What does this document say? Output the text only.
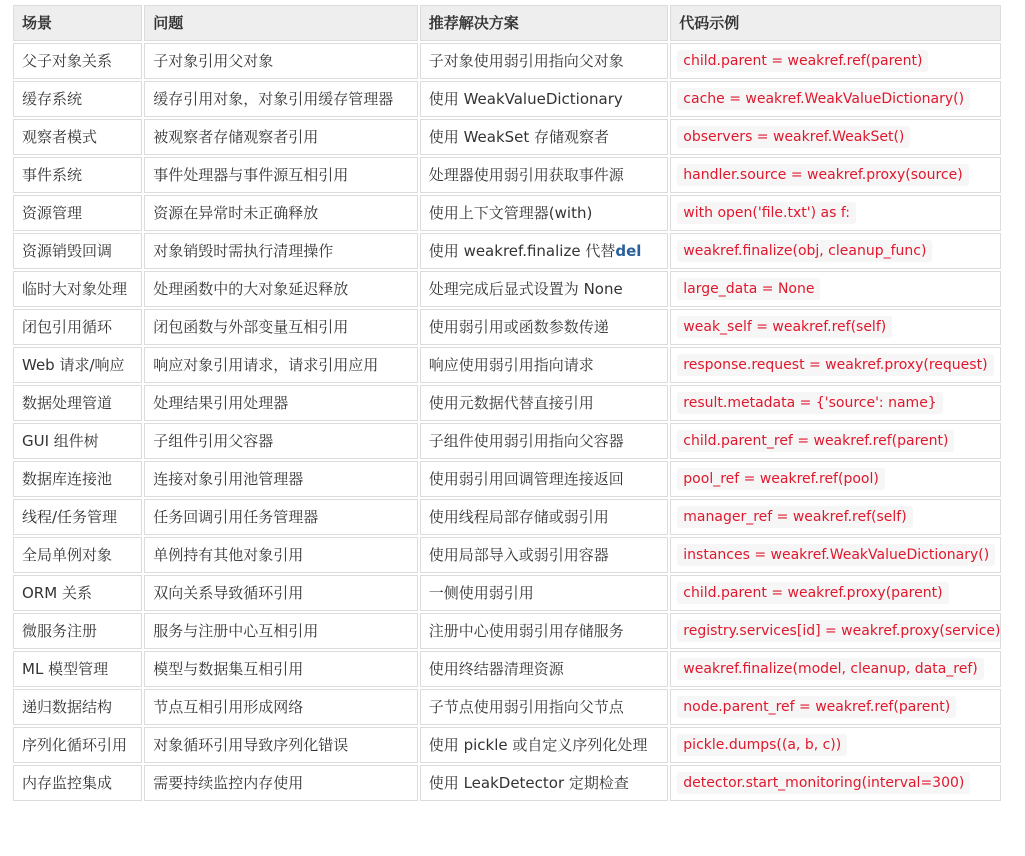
场景	问题	推荐解决方案	代码示例
父子对象关系	子对象引用父对象	子对象使用弱引用指向父对象	child.parent = weakref.ref(parent)
缓存系统	缓存引用对象，对象引用缓存管理器	使用 WeakValueDictionary	cache = weakref.WeakValueDictionary()
观察者模式	被观察者存储观察者引用	使用 WeakSet 存储观察者	observers = weakref.WeakSet()
事件系统	事件处理器与事件源互相引用	处理器使用弱引用获取事件源	handler.source = weakref.proxy(source)
资源管理	资源在异常时未正确释放	使用上下文管理器(with)	with open('file.txt') as f:
资源销毁回调	对象销毁时需执行清理操作	使用 weakref.finalize 代替del	weakref.finalize(obj, cleanup_func)
临时大对象处理	处理函数中的大对象延迟释放	处理完成后显式设置为 None	large_data = None
闭包引用循环	闭包函数与外部变量互相引用	使用弱引用或函数参数传递	weak_self = weakref.ref(self)
Web 请求/响应	响应对象引用请求，请求引用应用	响应使用弱引用指向请求	response.request = weakref.proxy(request)
数据处理管道	处理结果引用处理器	使用元数据代替直接引用	result.metadata = {'source': name}
GUI 组件树	子组件引用父容器	子组件使用弱引用指向父容器	child.parent_ref = weakref.ref(parent)
数据库连接池	连接对象引用池管理器	使用弱引用回调管理连接返回	pool_ref = weakref.ref(pool)
线程/任务管理	任务回调引用任务管理器	使用线程局部存储或弱引用	manager_ref = weakref.ref(self)
全局单例对象	单例持有其他对象引用	使用局部导入或弱引用容器	instances = weakref.WeakValueDictionary()
ORM 关系	双向关系导致循环引用	一侧使用弱引用	child.parent = weakref.proxy(parent)
微服务注册	服务与注册中心互相引用	注册中心使用弱引用存储服务	registry.services[id] = weakref.proxy(service)
ML 模型管理	模型与数据集互相引用	使用终结器清理资源	weakref.finalize(model, cleanup, data_ref)
递归数据结构	节点互相引用形成网络	子节点使用弱引用指向父节点	node.parent_ref = weakref.ref(parent)
序列化循环引用	对象循环引用导致序列化错误	使用 pickle 或自定义序列化处理	pickle.dumps((a, b, c))
内存监控集成	需要持续监控内存使用	使用 LeakDetector 定期检查	detector.start_monitoring(interval=300)
